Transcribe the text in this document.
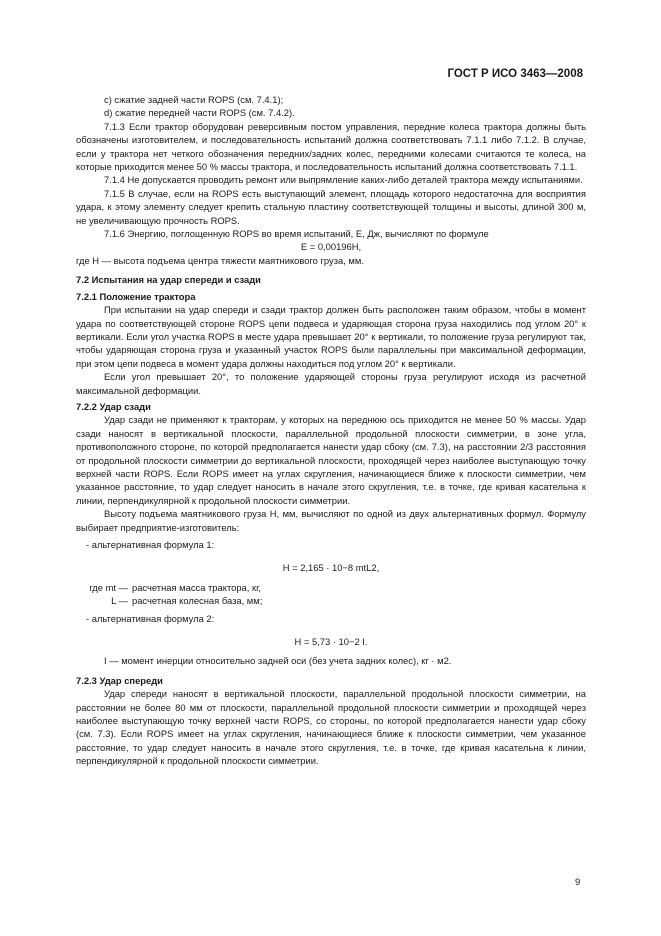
ГОСТ Р ИСО 3463—2008

c) сжатие задней части ROPS (см. 7.4.1);

d) сжатие передней части ROPS (см. 7.4.2).

7.1.3 Если трактор оборудован реверсивным постом управления, передние колеса трактора должны быть обозначены изготовителем, и последовательность испытаний должна соответствовать 7.1.1 либо 7.1.2. В случае, если у трактора нет четкого обозначения передних/задних колес, передними колесами считаются те колеса, на которые приходится менее 50 % массы трактора, и последовательность испытаний должна соответствовать 7.1.1.

7.1.4 Не допускается проводить ремонт или выпрямление каких-либо деталей трактора между испытаниями.

7.1.5 В случае, если на ROPS есть выступающий элемент, площадь которого недостаточна для восприятия удара, к этому элементу следует крепить стальную пластину соответствующей толщины и высоты, длиной 300 м, не увеличивающую прочность ROPS.

7.1.6 Энергию, поглощенную ROPS во время испытаний, E, Дж, вычисляют по формуле

E = 0,00196H,

где H — высота подъема центра тяжести маятникового груза, мм.

7.2 Испытания на удар спереди и сзади

7.2.1 Положение трактора

При испытании на удар спереди и сзади трактор должен быть расположен таким образом, чтобы в момент удара по соответствующей стороне ROPS цепи подвеса и ударяющая сторона груза находились под углом 20° к вертикали. Если угол участка ROPS в месте удара превышает 20° к вертикали, то положение груза регулируют так, чтобы ударяющая сторона груза и указанный участок ROPS были параллельны при максимальной деформации, при этом цепи подвеса в момент удара должны находиться под углом 20° к вертикали.

Если угол превышает 20°, то положение ударяющей стороны груза регулируют исходя из расчетной максимальной деформации.

7.2.2 Удар сзади

Удар сзади не применяют к тракторам, у которых на переднюю ось приходится не менее 50 % массы. Удар сзади наносят в вертикальной плоскости, параллельной продольной плоскости симметрии, в зоне угла, противоположного стороне, по которой предполагается нанести удар сбоку (см. 7.3), на расстоянии 2/3 расстояния от продольной плоскости симметрии до вертикальной плоскости, проходящей через наиболее выступающую точку верхней части ROPS. Если ROPS имеет на углах скругления, начинающиеся ближе к плоскости симметрии, чем указанное расстояние, то удар следует наносить в начале этого скругления, т.е. в точке, где кривая касательна к линии, перпендикулярной к продольной плоскости симметрии.

Высоту подъема маятникового груза H, мм, вычисляют по одной из двух альтернативных формул. Формулу выбирает предприятие-изготовитель:

- альтернативная формула 1:

H = 2,165 · 10−8 mtL2,

где mt — расчетная масса трактора, кг,
L — расчетная колесная база, мм;

- альтернативная формула 2:

H = 5,73 · 10−2 I.

I — момент инерции относительно задней оси (без учета задних колес), кг · м2.

7.2.3 Удар спереди

Удар спереди наносят в вертикальной плоскости, параллельной продольной плоскости симметрии, на расстоянии не более 80 мм от плоскости, параллельной продольной плоскости симметрии и проходящей через наиболее выступающую точку верхней части ROPS, со стороны, по которой предполагается нанести удар сбоку (см. 7.3). Если ROPS имеет на углах скругления, начинающиеся ближе к плоскости симметрии, чем указанное расстояние, то удар следует наносить в начале этого скругления, т.е. в точке, где кривая касательна к линии, перпендикулярной к продольной плоскости симметрии.

9
